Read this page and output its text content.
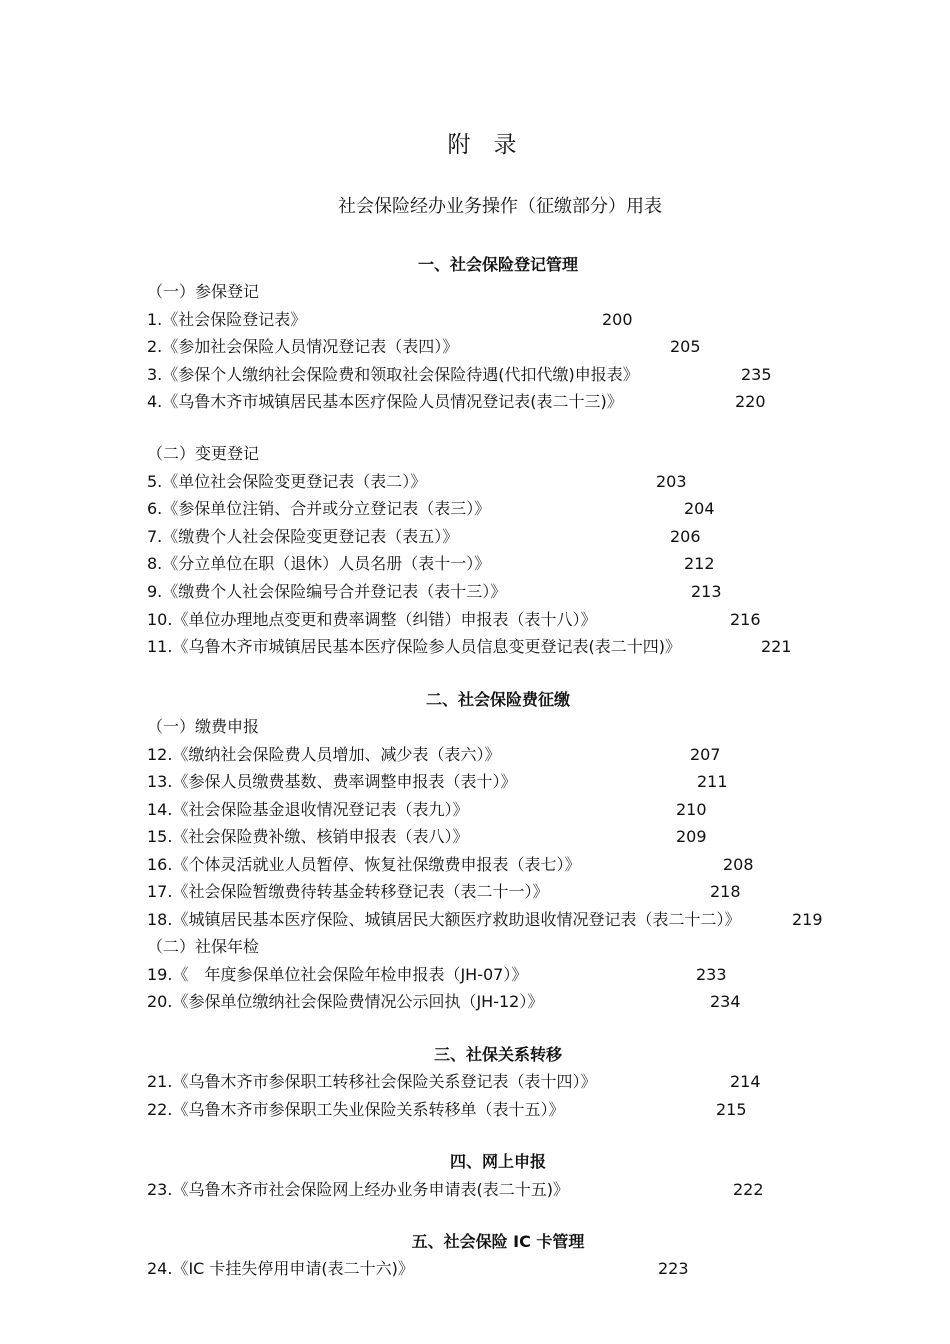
附　录
社会保险经办业务操作（征缴部分）用表
一、社会保险登记管理
（一）参保登记
1.《社会保险登记表》	200
2.《参加社会保险人员情况登记表（表四）》	205
3.《参保个人缴纳社会保险费和领取社会保险待遇(代扣代缴)申报表》	235
4.《乌鲁木齐市城镇居民基本医疗保险人员情况登记表(表二十三)》	220
（二）变更登记
5.《单位社会保险变更登记表（表二）》	203
6.《参保单位注销、合并或分立登记表（表三）》	204
7.《缴费个人社会保险变更登记表（表五）》	206
8.《分立单位在职（退休）人员名册（表十一）》	212
9.《缴费个人社会保险编号合并登记表（表十三）》	213
10.《单位办理地点变更和费率调整（纠错）申报表（表十八）》	216
11.《乌鲁木齐市城镇居民基本医疗保险参人员信息变更登记表(表二十四)》	221
二、社会保险费征缴
（一）缴费申报
12.《缴纳社会保险费人员增加、减少表（表六）》	207
13.《参保人员缴费基数、费率调整申报表（表十）》	211
14.《社会保险基金退收情况登记表（表九）》	210
15.《社会保险费补缴、核销申报表（表八）》	209
16.《个体灵活就业人员暂停、恢复社保缴费申报表（表七）》	208
17.《社会保险暂缴费待转基金转移登记表（表二十一）》	218
18.《城镇居民基本医疗保险、城镇居民大额医疗救助退收情况登记表（表二十二）》	219
（二）社保年检
19.《　年度参保单位社会保险年检申报表（JH-07）》	233
20.《参保单位缴纳社会保险费情况公示回执（JH-12）》	234
三、社保关系转移
21.《乌鲁木齐市参保职工转移社会保险关系登记表（表十四）》	214
22.《乌鲁木齐市参保职工失业保险关系转移单（表十五）》	215
四、网上申报
23.《乌鲁木齐市社会保险网上经办业务申请表(表二十五)》	222
五、社会保险 IC 卡管理
24.《IC 卡挂失停用申请(表二十六)》	223
